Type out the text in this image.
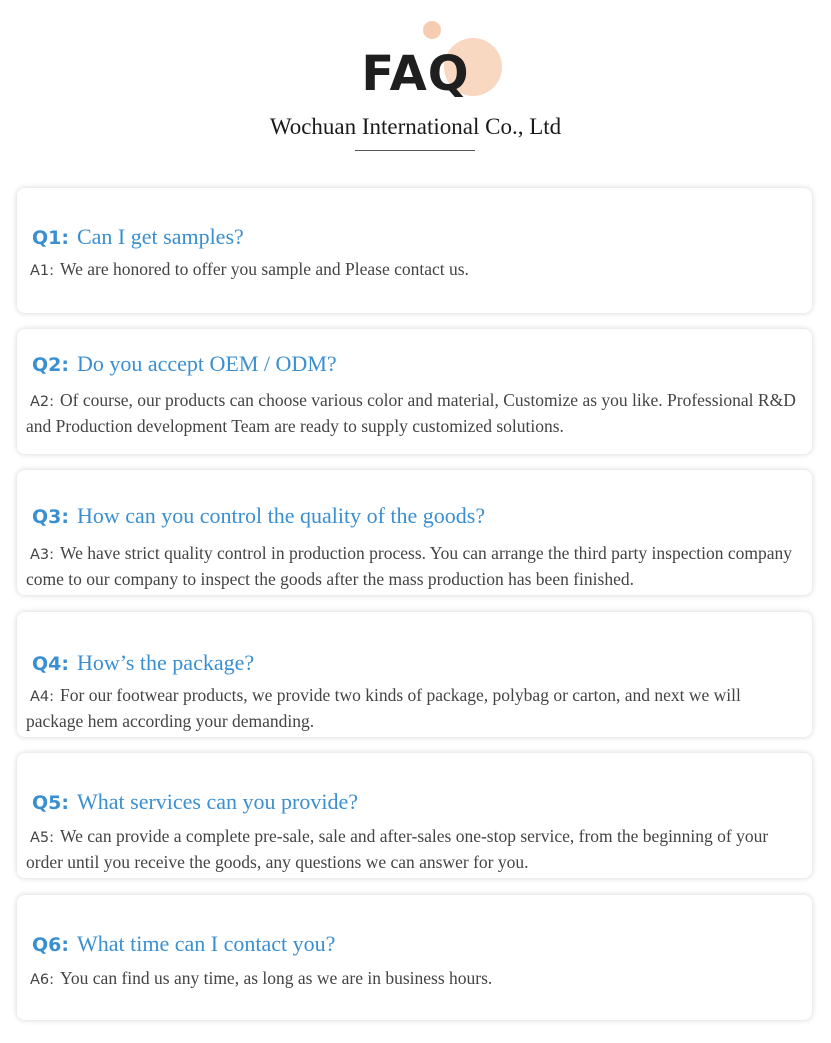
FAQ
Wochuan International Co., Ltd
Q1: Can I get samples?
A1: We are honored to offer you sample and Please contact us.
Q2: Do you accept OEM / ODM?
A2: Of course, our products can choose various color and material, Customize as you like. Professional R&D and Production development Team are ready to supply customized solutions.
Q3: How can you control the quality of the goods?
A3: We have strict quality control in production process. You can arrange the third party inspection company come to our company to inspect the goods after the mass production has been finished.
Q4: How’s the package?
A4: For our footwear products, we provide two kinds of package, polybag or carton, and next we will package hem according your demanding.
Q5: What services can you provide?
A5: We can provide a complete pre-sale, sale and after-sales one-stop service, from the beginning of your order until you receive the goods, any questions we can answer for you.
Q6: What time can I contact you?
A6: You can find us any time, as long as we are in business hours.
